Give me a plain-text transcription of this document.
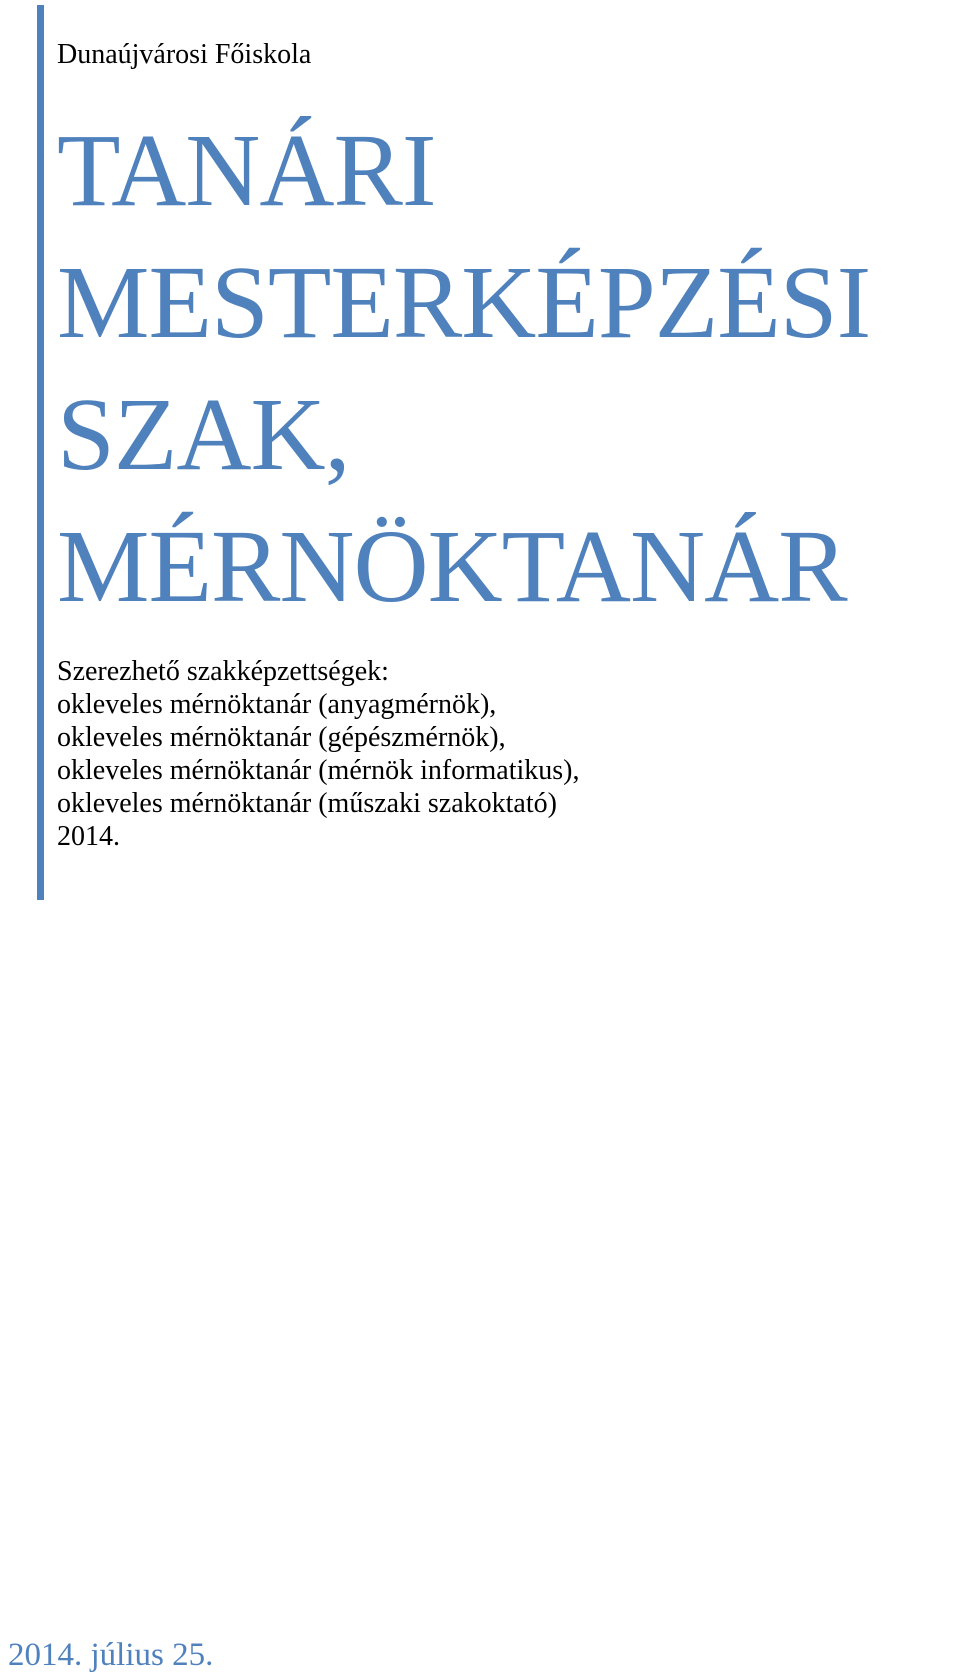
Dunaújvárosi Főiskola
TANÁRI
MESTERKÉPZÉSI
SZAK,
MÉRNÖKTANÁR
Szerezhető szakképzettségek:
okleveles mérnöktanár (anyagmérnök),
okleveles mérnöktanár (gépészmérnök),
okleveles mérnöktanár (mérnök informatikus),
okleveles mérnöktanár (műszaki szakoktató)
2014.
2014. július 25.
